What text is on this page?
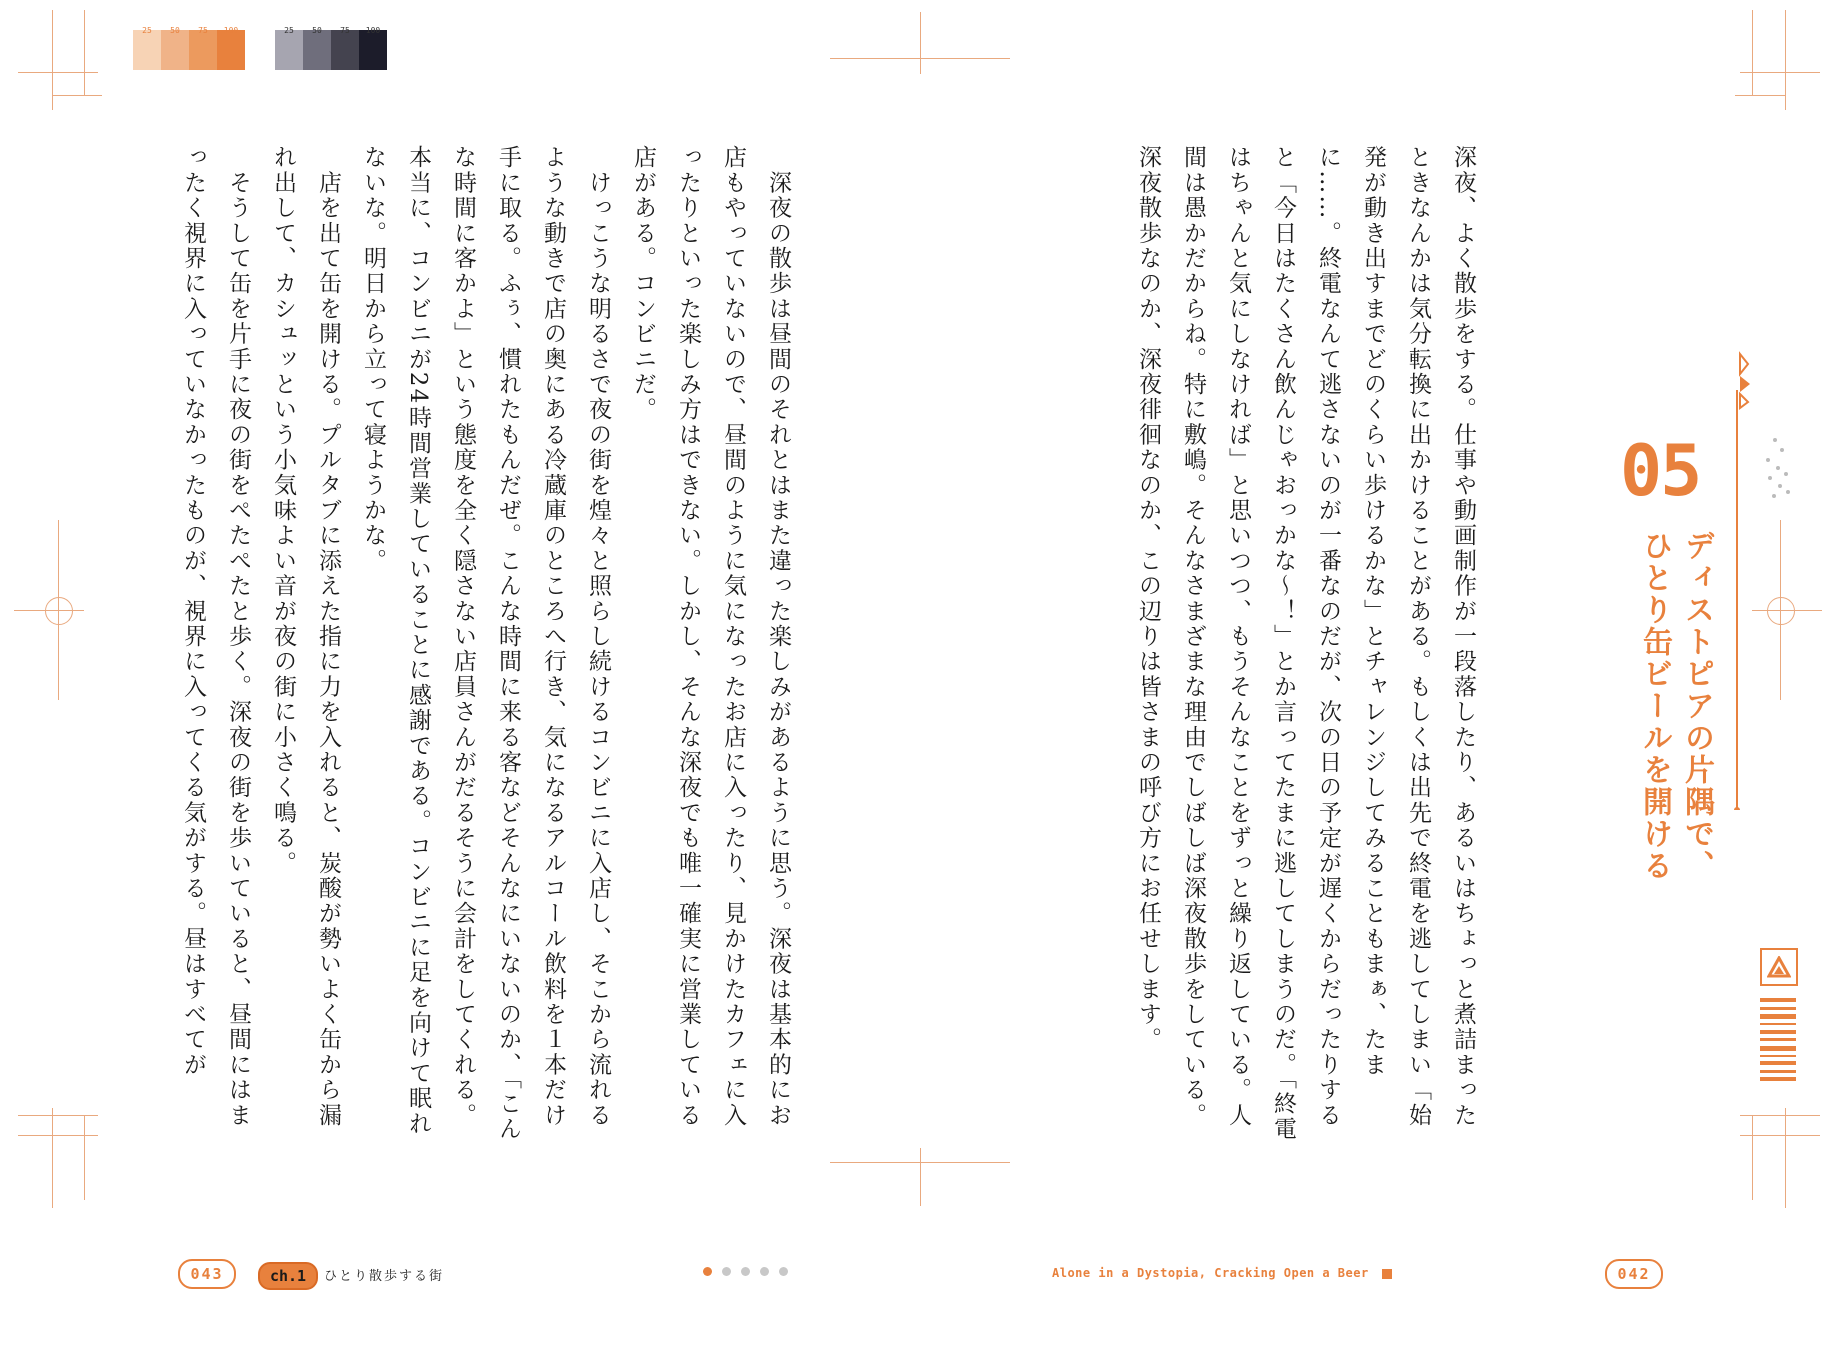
25	50	75	100	25	50	75	100
　深夜の散歩は昼間のそれとはまた違った楽しみがあるように思う。深夜は基本的にお店もやっていないので、昼間のように気になったお店に入ったり、見かけたカフェに入ったりといった楽しみ方はできない。しかし、そんな深夜でも唯一確実に営業している店がある。コンビニだ。
　けっこうな明るさで夜の街を煌々と照らし続けるコンビニに入店し、そこから流れるような動きで店の奥にある冷蔵庫のところへ行き、気になるアルコール飲料を１本だけ手に取る。ふぅ、慣れたもんだぜ。こんな時間に来る客などそんなにいないのか、「こんな時間に客かよ」という態度を全く隠さない店員さんがだるそうに会計をしてくれる。本当に、コンビニが24時間営業していることに感謝である。コンビニに足を向けて眠れないな。明日から立って寝ようかな。
　店を出て缶を開ける。プルタブに添えた指に力を入れると、炭酸が勢いよく缶から漏れ出して、カシュッという小気味よい音が夜の街に小さく鳴る。
　そうして缶を片手に夜の街をぺたぺたと歩く。深夜の街を歩いていると、昼間にはまったく視界に入っていなかったものが、視界に入ってくる気がする。昼はすべてが	深夜、よく散歩をする。仕事や動画制作が一段落したり、あるいはちょっと煮詰まったときなんかは気分転換に出かけることがある。もしくは出先で終電を逃してしまい「始発が動き出すまでどのくらい歩けるかな」とチャレンジしてみることもまぁ、たまに……。終電なんて逃さないのが一番なのだが、次の日の予定が遅くからだったりすると「今日はたくさん飲んじゃおっかな〜！」とか言ってたまに逃してしまうのだ。「終電はちゃんと気にしなければ」と思いつつ、もうそんなことをずっと繰り返している。人間は愚かだからね。特に敷嶋。そんなさまざまな理由でしばしば深夜散歩をしている。深夜散歩なのか、深夜徘徊なのか、この辺りは皆さまの呼び方にお任せします。	05
ディストピアの片隅で、
ひとり缶ビールを開ける
043	ch.1	ひとり散歩する街	Alone in a Dystopia, Cracking Open a Beer	042
